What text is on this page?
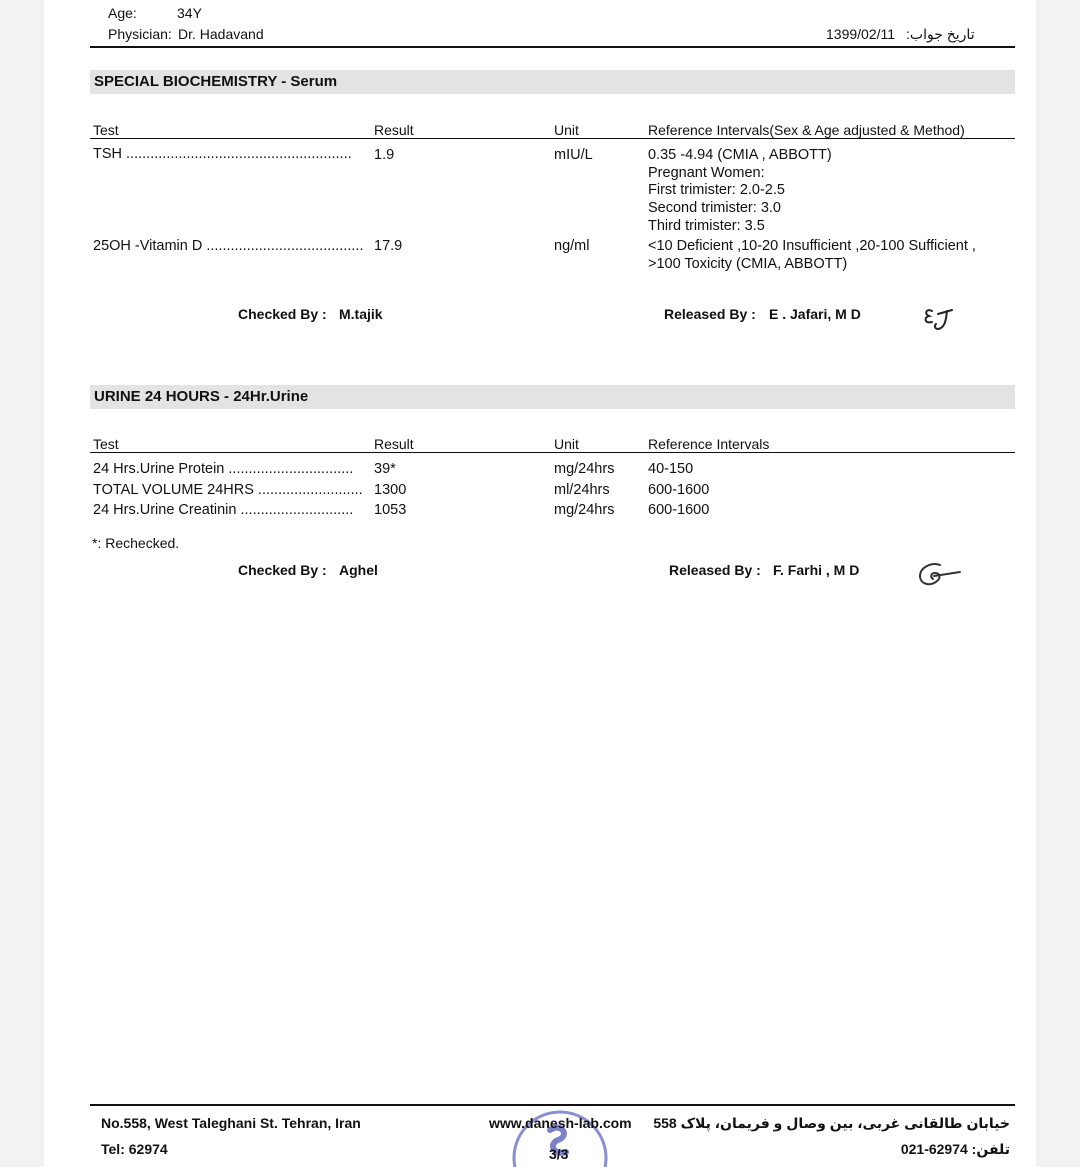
Age:	34Y
Physician: Dr. Hadavand	1399/02/11 تاریخ جواب:
SPECIAL BIOCHEMISTRY - Serum
Test	Result	Unit	Reference Intervals(Sex & Age adjusted & Method)
TSH ........................................................ 1.9	mIU/L	0.35 -4.94 (CMIA , ABBOTT)
Pregnant Women:
First trimister: 2.0-2.5
Second trimister: 3.0
Third trimister: 3.5
25OH -Vitamin D ....................................... 17.9	ng/ml	<10 Deficient ,10-20 Insufficient ,20-100 Sufficient ,
>100 Toxicity (CMIA, ABBOTT)
Checked By : M.tajik	Released By : E . Jafari, M D
URINE 24 HOURS - 24Hr.Urine
Test	Result	Unit	Reference Intervals
24 Hrs.Urine Protein ............................... 39*	mg/24hrs 40-150
TOTAL VOLUME 24HRS .......................... 1300	ml/24hrs	600-1600
24 Hrs.Urine Creatinin ............................ 1053	mg/24hrs 600-1600
*: Rechecked.
Checked By : Aghel	Released By : F. Farhi , M D
No.558, West Taleghani St. Tehran, Iran
Tel: 62974
www.danesh-lab.com
3/3
خیابان طالقانی غربی، بین وصال و فریمان، پلاک 558
تلفن: 62974-021
